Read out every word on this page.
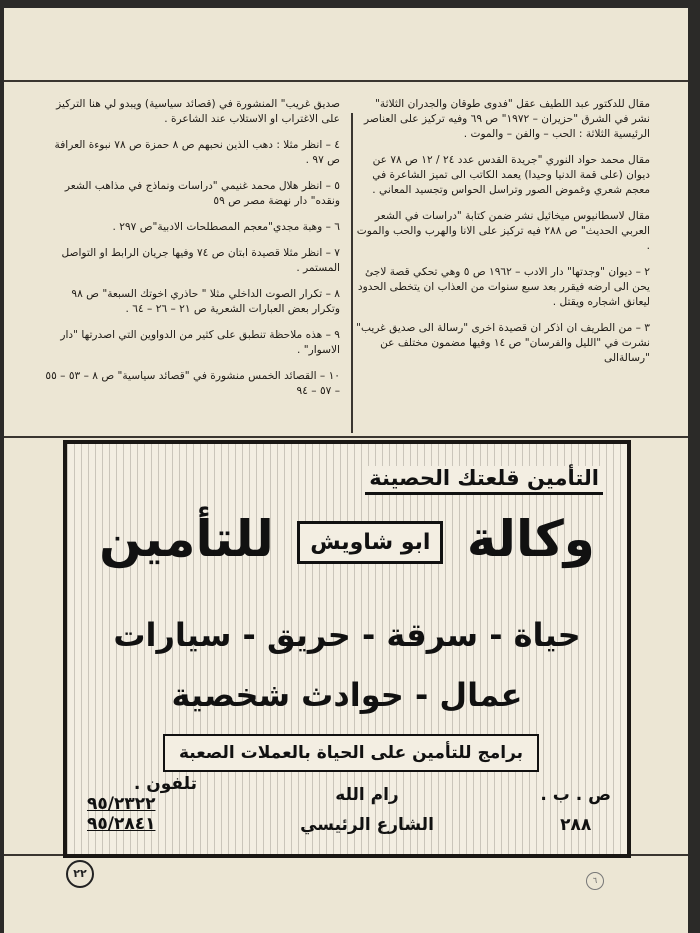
مقال للدكتور عبد اللطيف عقل "فدوى طوقان والجدران الثلاثة" نشر في الشرق "حزيران – ١٩٧٢" ص ٦٩ وفيه تركيز على العناصر الرئيسية الثلاثة : الحب – والفن – والموت .

مقال محمد حواد النوري "جريدة القدس عدد ٢٤ / ١٢ ص ٧٨ عن ديوان (على قمة الدنيا وحيدا) يعمد الكاتب الى تميز الشاعرة في معجم شعري وغموض الصور وتراسل الحواس وتجسيد المعاني .

مقال لاسطانيوس ميخائيل نشر ضمن كتابة "دراسات في الشعر العربي الحديث" ص ٢٨٨ فيه تركيز على الانا والهرب والحب والموت .

٢ – ديوان "وجدتها" دار الادب – ١٩٦٢ ص ٥ وهي تحكي قصة لاجئ يحن الى ارضه فيقرر بعد سبع سنوات من العذاب ان يتخطى الحدود ليعانق اشجاره ويقتل .

٣ – من الطريف ان اذكر ان قصيدة اخرى "رسالة الى صديق غريب" نشرت في "الليل والفرسان" ص ١٤ وفيها مضمون مختلف عن "رسالةالى

صديق غريب" المنشورة في (قصائد سياسية) ويبدو لي هنا التركيز على الاغتراب او الاستلاب عند الشاعرة .

٤ – انظر مثلا : دهب الذين نحبهم ص ٨ حمزة ص ٧٨ نبوءة العرافة ص ٩٧ .

٥ – انظر هلال محمد غنيمي "دراسات ونماذج في مذاهب الشعر ونقده" دار نهضة مصر ص ٥٩

٦ – وهبة مجدي"معجم المصطلحات الادبية"ص ٢٩٧ .

٧ – انظر مثلا قصيدة ابتان ص ٧٤ وفيها جريان الرابط او التواصل المستمر .

٨ – تكرار الصوت الداخلي مثلا " حاذري اخوتك السبعة" ص ٩٨ وتكرار بعض العبارات الشعرية ص ٢١ – ٢٦ – ٦٤ .

٩ – هذه ملاحظة تنطبق على كثير من الدواوين التي اصدرتها "دار الاسوار" .

١٠ – القصائد الخمس منشورة في "قصائد سياسية" ص ٨ – ٥٣ – ٥٥ – ٥٧ – ٩٤

التأمين قلعتك الحصينة
وكالة ابو شاويش للتأمين
حياة - سرقة - حريق - سيارات
عمال - حوادث شخصية
برامج للتأمين على الحياة بالعملات الصعبة
ص . ب .
٢٨٨
رام الله
الشارع الرئيسي
تلفون .
٩٥/٢٣٢٢
٩٥/٢٨٤١
٢٢
٦
